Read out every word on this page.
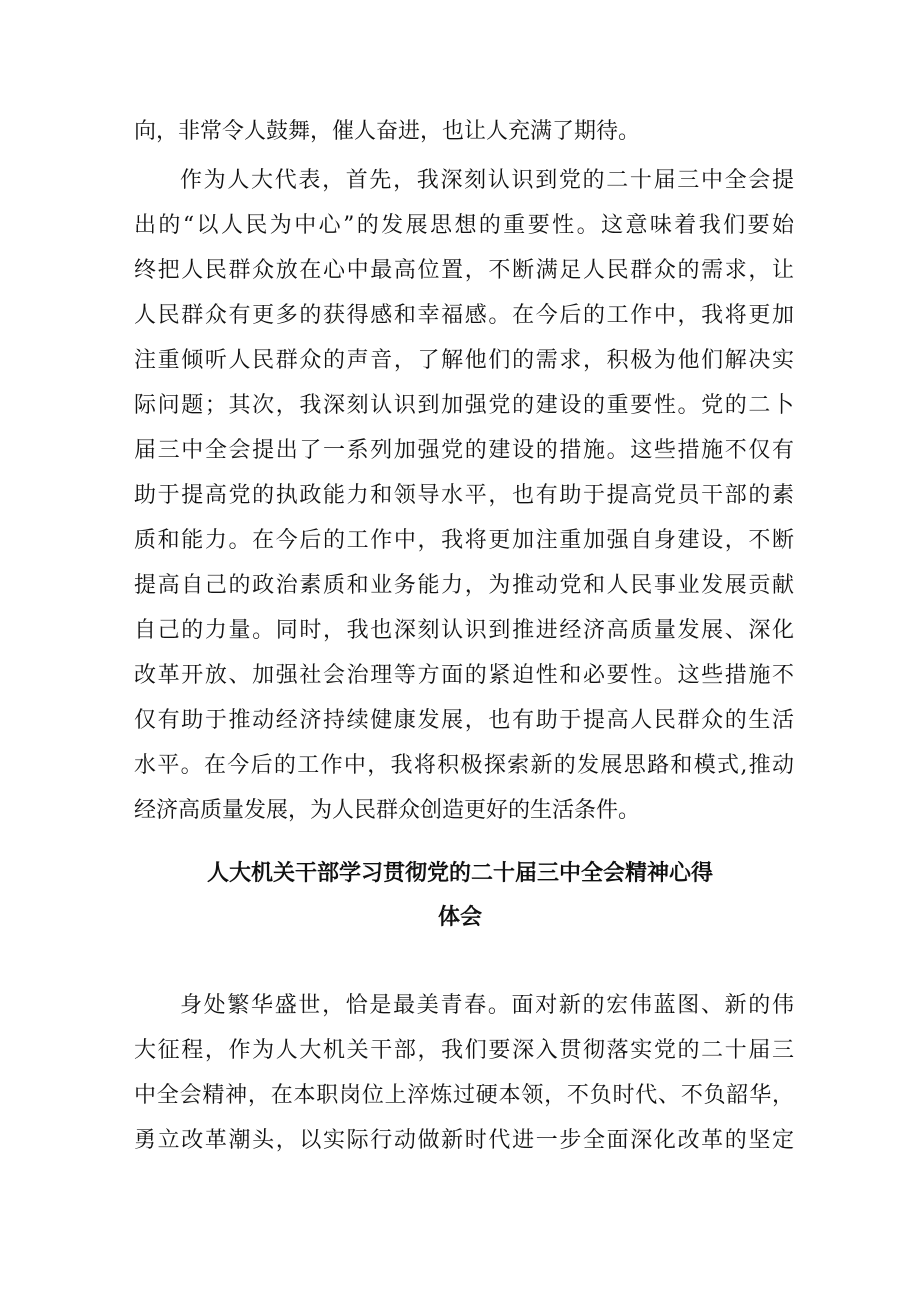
向，非常令人鼓舞，催人奋进，也让人充满了期待。
作为人大代表，首先，我深刻认识到党的二十届三中全会提
出的“以人民为中心”的发展思想的重要性。这意味着我们要始
终把人民群众放在心中最高位置，不断满足人民群众的需求，让
人民群众有更多的获得感和幸福感。在今后的工作中，我将更加
注重倾听人民群众的声音，了解他们的需求，积极为他们解决实
际问题；其次，我深刻认识到加强党的建设的重要性。党的二卜
届三中全会提出了一系列加强党的建设的措施。这些措施不仅有
助于提高党的执政能力和领导水平，也有助于提高党员干部的素
质和能力。在今后的工作中，我将更加注重加强自身建设，不断
提高自己的政治素质和业务能力，为推动党和人民事业发展贡献
自己的力量。同时，我也深刻认识到推进经济高质量发展、深化
改革开放、加强社会治理等方面的紧迫性和必要性。这些措施不
仅有助于推动经济持续健康发展，也有助于提高人民群众的生活
水平。在今后的工作中，我将积极探索新的发展思路和模式,推动
经济高质量发展，为人民群众创造更好的生活条件。
人大机关干部学习贯彻党的二十届三中全会精神心得
体会
身处繁华盛世，恰是最美青春。面对新的宏伟蓝图、新的伟
大征程，作为人大机关干部，我们要深入贯彻落实党的二十届三
中全会精神，在本职岗位上淬炼过硬本领，不负时代、不负韶华，
勇立改革潮头，以实际行动做新时代进一步全面深化改革的坚定
